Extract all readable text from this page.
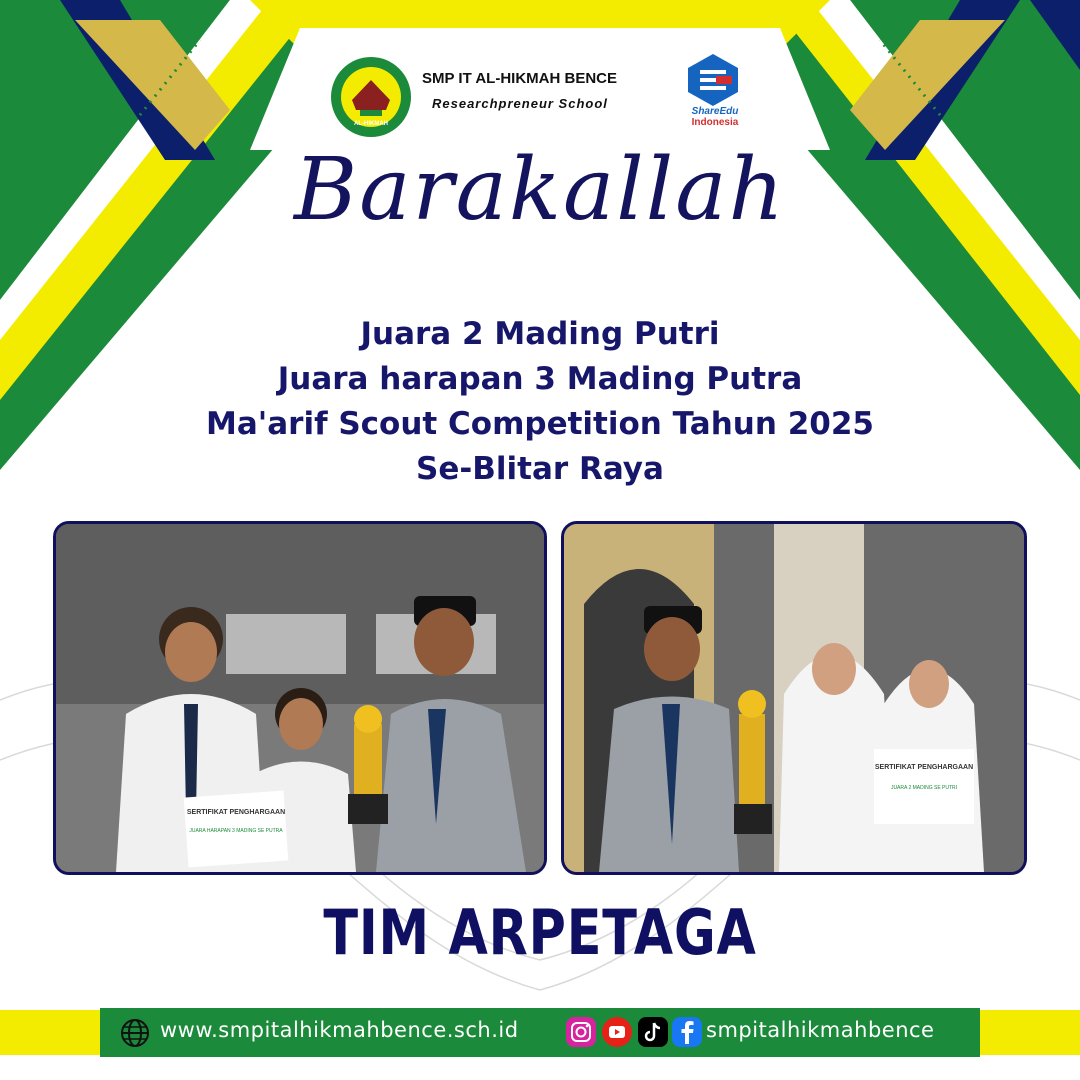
AL-HIKMAH
SMP IT AL-HIKMAH BENCE
Researchpreneur School
ShareEdu
Indonesia
Barakallah
Juara 2 Mading Putri
Juara harapan 3 Mading Putra
Ma'arif Scout Competition Tahun 2025
Se-Blitar Raya
SERTIFIKAT PENGHARGAAN
JUARA HARAPAN 3 MADING SE PUTRA
SERTIFIKAT PENGHARGAAN
JUARA 2 MADING SE PUTRI
TIM ARPETAGA
www.smpitalhikmahbence.sch.id	smpitalhikmahbence
